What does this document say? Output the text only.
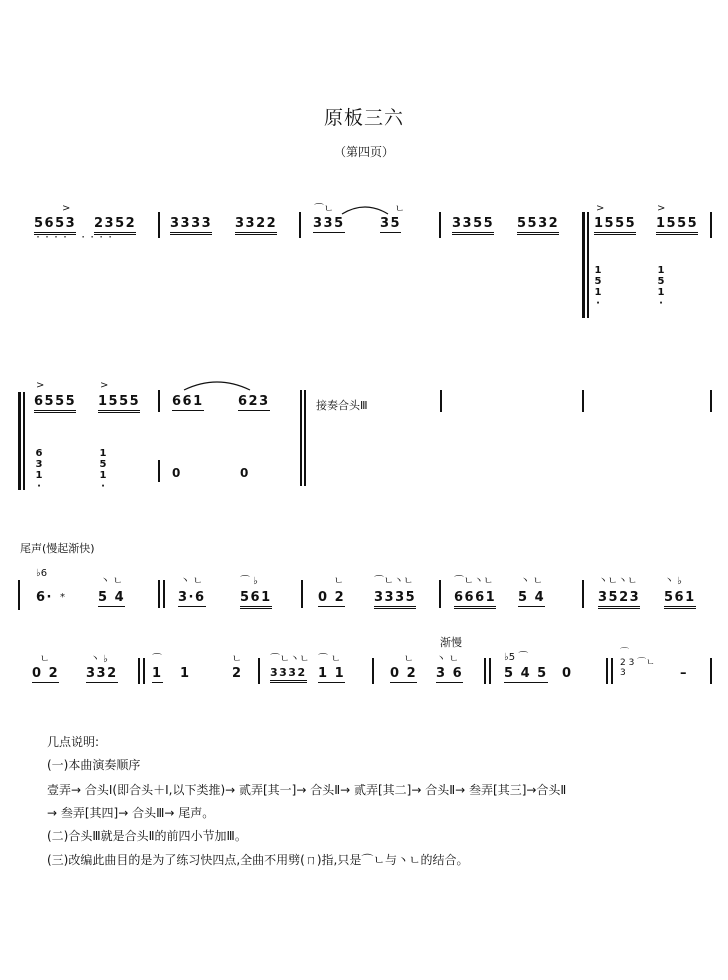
原板三六
（第四页）
5653 2352
···· ····
>
3333 3322	335	35
⌒ㄴ	ㄴ
3355 5532	1555 1555
>	>
1
5
1
·
1
5
1
·
6555 1555
>	>
6
3
1
·
1
5
1
·
661	623
0	0
接奏合头Ⅲ
尾声(慢起渐快)
♭6
6· *	5 4
丶 ㄴ
3·6
丶 ㄴ
561
⌒ ♭
0 2
ㄴ
3335
⌒ㄴ丶ㄴ
6661
⌒ㄴ丶ㄴ
5 4
丶 ㄴ
3523
丶ㄴ丶ㄴ
561
丶 ♭
渐慢
0 2
ㄴ
332
丶 ♭
1
⌒
1	2
ㄴ
3332
⌒ㄴ丶ㄴ
1 1
⌒ ㄴ
0 2
ㄴ
3 6
丶 ㄴ
5 4 5
♭5 ⌒
0
⌒
2 3 ⌒ㄴ
3	–
几点说明:
(一)本曲演奏顺序
壹弄→ 合头Ⅰ(即合头＋Ⅰ,以下类推)→ 贰弄[其一]→ 合头Ⅱ→ 贰弄[其二]→ 合头Ⅱ→ 叁弄[其三]→合头Ⅱ
→ 叁弄[其四]→ 合头Ⅲ→ 尾声。
(二)合头Ⅲ就是合头Ⅱ的前四小节加Ⅲ。
(三)改编此曲目的是为了练习快四点,全曲不用劈(ㄇ)指,只是⌒ㄴ与丶ㄴ的结合。
